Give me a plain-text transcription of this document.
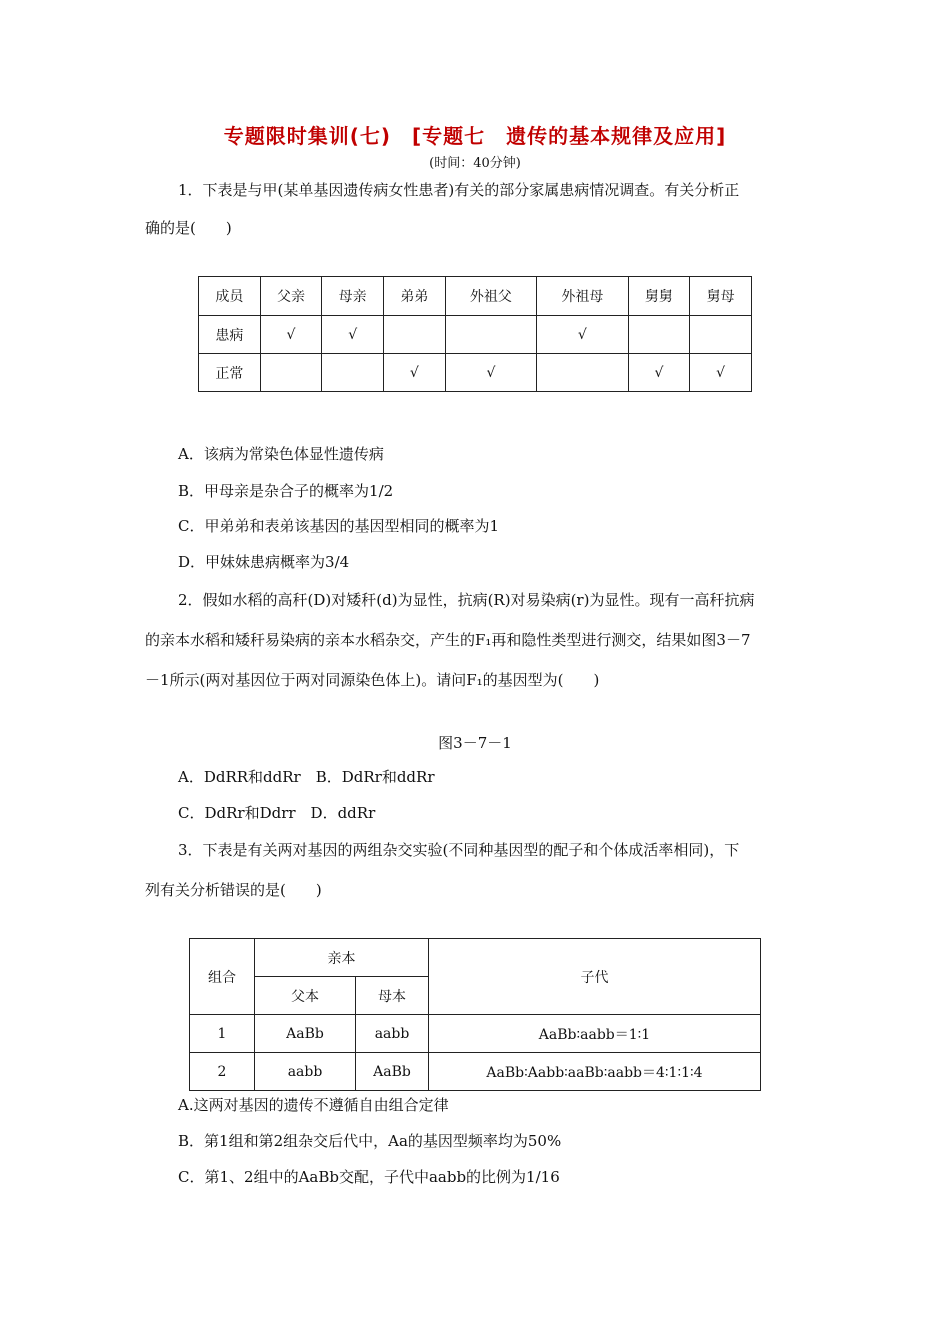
专题限时集训(七)　[专题七　遗传的基本规律及应用]
(时间：40分钟)
1．下表是与甲(某单基因遗传病女性患者)有关的部分家属患病情况调查。有关分析正
确的是(　　)
成员	父亲	母亲	弟弟	外祖父	外祖母	舅舅	舅母
患病	√	√			√		
正常			√	√		√	√
A．该病为常染色体显性遗传病
B．甲母亲是杂合子的概率为1/2
C．甲弟弟和表弟该基因的基因型相同的概率为1
D．甲妹妹患病概率为3/4
2．假如水稻的高秆(D)对矮秆(d)为显性，抗病(R)对易染病(r)为显性。现有一高秆抗病
的亲本水稻和矮秆易染病的亲本水稻杂交，产生的F₁再和隐性类型进行测交，结果如图3－7
－1所示(两对基因位于两对同源染色体上)。请问F₁的基因型为(　　)
图3－7－1
A．DdRR和ddRr　B．DdRr和ddRr
C．DdRr和Ddrr　D．ddRr
3．下表是有关两对基因的两组杂交实验(不同种基因型的配子和个体成活率相同)，下
列有关分析错误的是(　　)
组合	亲本		子代
	父本	母本	
1	AaBb	aabb	AaBb∶aabb＝1∶1
2	aabb	AaBb	AaBb∶Aabb∶aaBb∶aabb＝4∶1∶1∶4
A.这两对基因的遗传不遵循自由组合定律
B．第1组和第2组杂交后代中，Aa的基因型频率均为50%
C．第1、2组中的AaBb交配，子代中aabb的比例为1/16
